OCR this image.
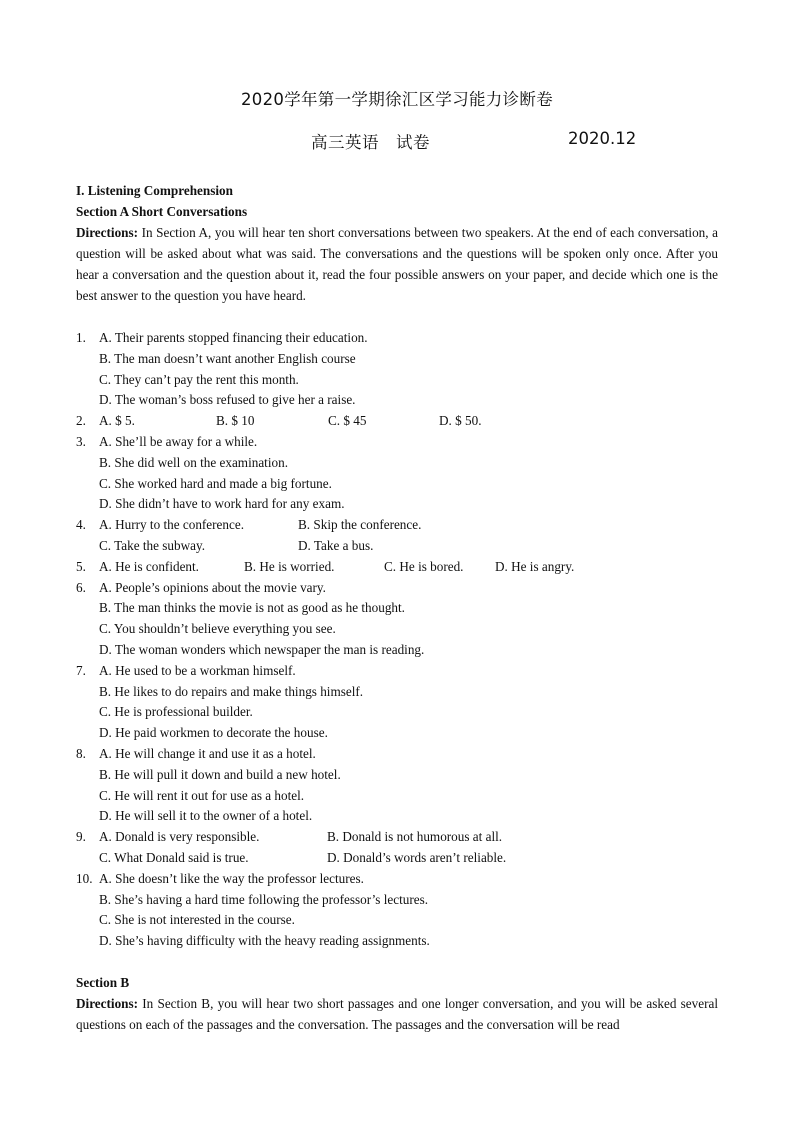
2020学年第一学期徐汇区学习能力诊断卷
高三英语　试卷	2020.12
I. Listening Comprehension
Section A Short Conversations
Directions: In Section A, you will hear ten short conversations between two speakers. At the end of each conversation, a question will be asked about what was said. The conversations and the questions will be spoken only once. After you hear a conversation and the question about it, read the four possible answers on your paper, and decide which one is the best answer to the question you have heard.
1. A. Their parents stopped financing their education.
B. The man doesn’t want another English course
C. They can’t pay the rent this month.
D. The woman’s boss refused to give her a raise.
2. A. $ 5.	B. $ 10	C. $ 45	D. $ 50.
3. A. She’ll be away for a while.
B. She did well on the examination.
C. She worked hard and made a big fortune.
D. She didn’t have to work hard for any exam.
4. A. Hurry to the conference.	B. Skip the conference.
C. Take the subway.	D. Take a bus.
5. A. He is confident.	B. He is worried.	C. He is bored. D. He is angry.
6. A. People’s opinions about the movie vary.
B. The man thinks the movie is not as good as he thought.
C. You shouldn’t believe everything you see.
D. The woman wonders which newspaper the man is reading.
7. A. He used to be a workman himself.
B. He likes to do repairs and make things himself.
C. He is professional builder.
D. He paid workmen to decorate the house.
8. A. He will change it and use it as a hotel.
B. He will pull it down and build a new hotel.
C. He will rent it out for use as a hotel.
D. He will sell it to the owner of a hotel.
9. A. Donald is very responsible.	B. Donald is not humorous at all.
C. What Donald said is true.	D. Donald’s words aren’t reliable.
10. A. She doesn’t like the way the professor lectures.
B. She’s having a hard time following the professor’s lectures.
C. She is not interested in the course.
D. She’s having difficulty with the heavy reading assignments.
Section B
Directions: In Section B, you will hear two short passages and one longer conversation, and you will be asked several questions on each of the passages and the conversation. The passages and the conversation will be read
